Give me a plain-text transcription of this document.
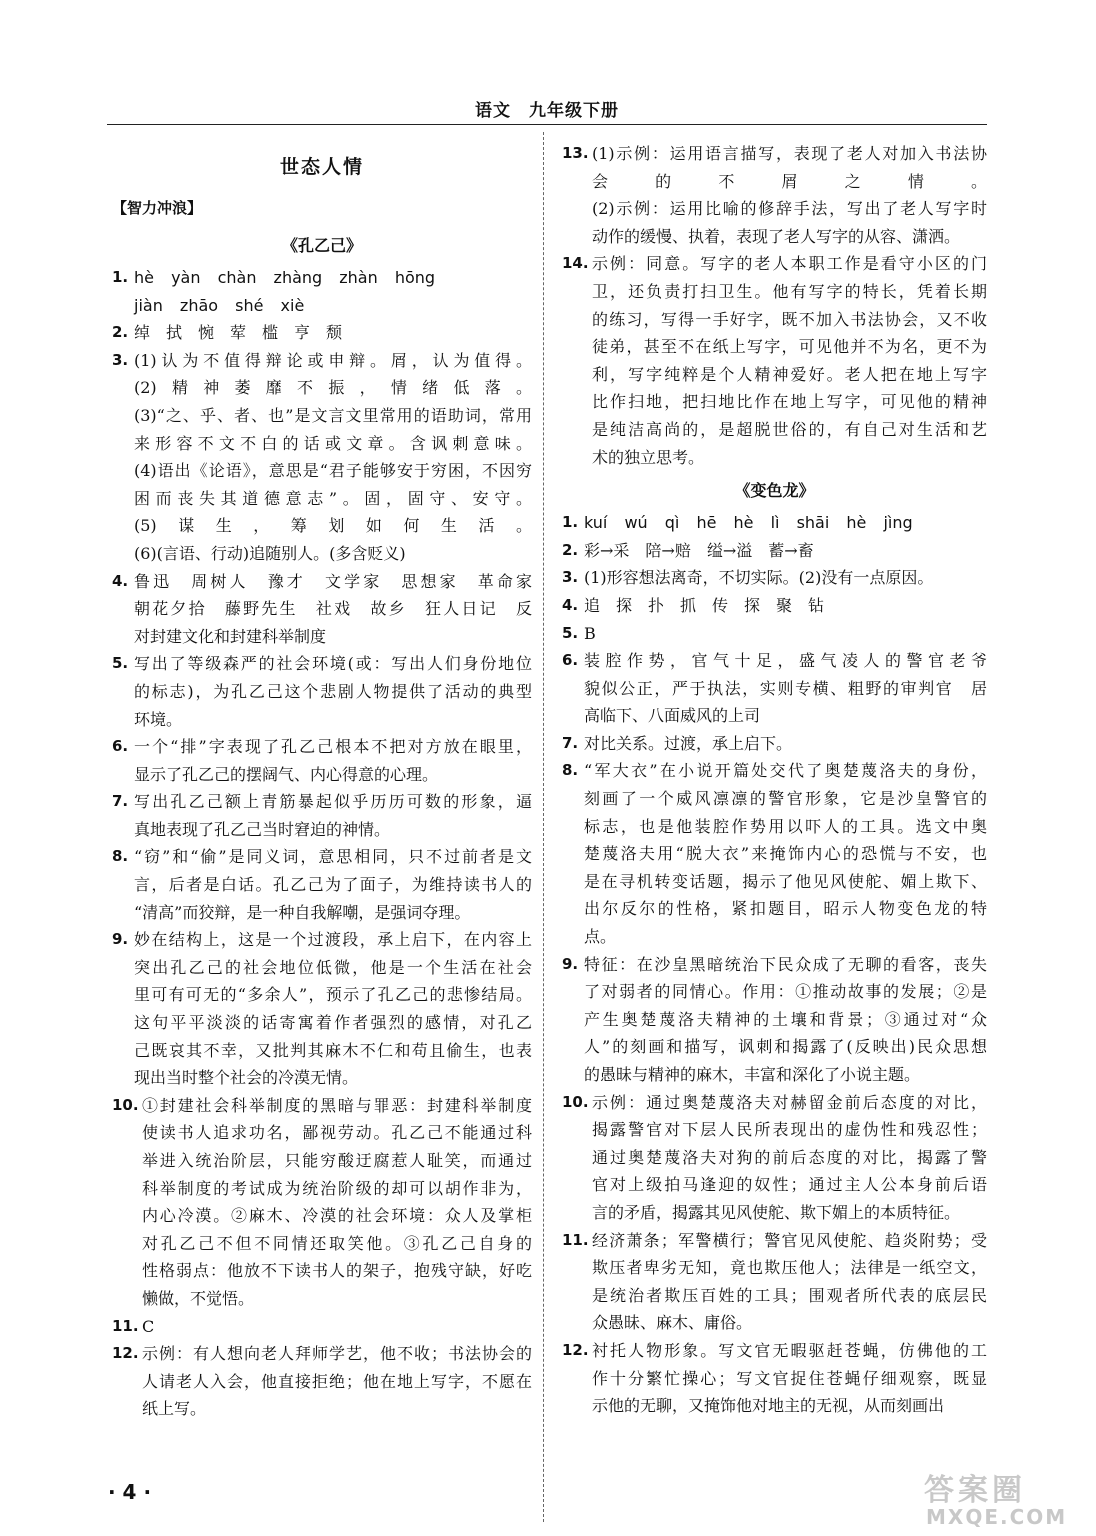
语文　九年级下册
世态人情
【智力冲浪】
《孔乙己》
1. hè yàn chàn zhàng zhàn hōng
jiàn zhāo shé xiè
2. 绰　拭　惋　荤　槛　亨　颓
3. (1)认为不值得辩论或申辩。屑，认为值得。
(2)精神萎靡不振，情绪低落。
(3)“之、乎、者、也”是文言文里常用的语助词，常用
来形容不文不白的话或文章。含讽刺意味。
(4)语出《论语》，意思是“君子能够安于穷困，不因穷
困而丧失其道德意志”。固，固守、安守。
(5)谋生，筹划如何生活。
(6)(言语、行动)追随别人。(多含贬义)
4. 鲁迅　周树人　豫才　文学家　思想家　革命家
朝花夕拾　藤野先生　社戏　故乡　狂人日记　反
对封建文化和封建科举制度
5. 写出了等级森严的社会环境(或：写出人们身份地位
的标志)，为孔乙己这个悲剧人物提供了活动的典型
环境。
6. 一个“排”字表现了孔乙己根本不把对方放在眼里，
显示了孔乙己的摆阔气、内心得意的心理。
7. 写出孔乙己额上青筋暴起似乎历历可数的形象，逼
真地表现了孔乙己当时窘迫的神情。
8. “窃”和“偷”是同义词，意思相同，只不过前者是文
言，后者是白话。孔乙己为了面子，为维持读书人的
“清高”而狡辩，是一种自我解嘲，是强词夺理。
9. 妙在结构上，这是一个过渡段，承上启下，在内容上
突出孔乙己的社会地位低微，他是一个生活在社会
里可有可无的“多余人”，预示了孔乙己的悲惨结局。
这句平平淡淡的话寄寓着作者强烈的感情，对孔乙
己既哀其不幸，又批判其麻木不仁和苟且偷生，也表
现出当时整个社会的冷漠无情。
10. ①封建社会科举制度的黑暗与罪恶：封建科举制度
使读书人追求功名，鄙视劳动。孔乙己不能通过科
举进入统治阶层，只能穷酸迂腐惹人耻笑，而通过
科举制度的考试成为统治阶级的却可以胡作非为，
内心冷漠。②麻木、冷漠的社会环境：众人及掌柜
对孔乙己不但不同情还取笑他。③孔乙己自身的
性格弱点：他放不下读书人的架子，抱残守缺，好吃
懒做，不觉悟。
11. C
12. 示例：有人想向老人拜师学艺，他不收；书法协会的
人请老人入会，他直接拒绝；他在地上写字，不愿在
纸上写。
13. (1)示例：运用语言描写，表现了老人对加入书法协
会的不屑之情。
(2)示例：运用比喻的修辞手法，写出了老人写字时
动作的缓慢、执着，表现了老人写字的从容、潇洒。
14. 示例：同意。写字的老人本职工作是看守小区的门
卫，还负责打扫卫生。他有写字的特长，凭着长期
的练习，写得一手好字，既不加入书法协会，又不收
徒弟，甚至不在纸上写字，可见他并不为名，更不为
利，写字纯粹是个人精神爱好。老人把在地上写字
比作扫地，把扫地比作在地上写字，可见他的精神
是纯洁高尚的，是超脱世俗的，有自己对生活和艺
术的独立思考。
《变色龙》
1. kuí wú qì hē hè lì shāi hè jìng
2. 彩→采　陪→赔　缢→溢　蓄→畜
3. (1)形容想法离奇，不切实际。(2)没有一点原因。
4. 追　探　扑　抓　传　探　聚　钻
5. B
6. 装腔作势，官气十足，盛气凌人的警官老爷
貌似公正，严于执法，实则专横、粗野的审判官　居
高临下、八面威风的上司
7. 对比关系。过渡，承上启下。
8. “军大衣”在小说开篇处交代了奥楚蔑洛夫的身份，
刻画了一个威风凛凛的警官形象，它是沙皇警官的
标志，也是他装腔作势用以吓人的工具。选文中奥
楚蔑洛夫用“脱大衣”来掩饰内心的恐慌与不安，也
是在寻机转变话题，揭示了他见风使舵、媚上欺下、
出尔反尔的性格，紧扣题目，昭示人物变色龙的特
点。
9. 特征：在沙皇黑暗统治下民众成了无聊的看客，丧失
了对弱者的同情心。作用：①推动故事的发展；②是
产生奥楚蔑洛夫精神的土壤和背景；③通过对“众
人”的刻画和描写，讽刺和揭露了(反映出)民众思想
的愚昧与精神的麻木，丰富和深化了小说主题。
10. 示例：通过奥楚蔑洛夫对赫留金前后态度的对比，
揭露警官对下层人民所表现出的虚伪性和残忍性；
通过奥楚蔑洛夫对狗的前后态度的对比，揭露了警
官对上级拍马逢迎的奴性；通过主人公本身前后语
言的矛盾，揭露其见风使舵、欺下媚上的本质特征。
11. 经济萧条；军警横行；警官见风使舵、趋炎附势；受
欺压者卑劣无知，竟也欺压他人；法律是一纸空文，
是统治者欺压百姓的工具；围观者所代表的底层民
众愚昧、麻木、庸俗。
12. 衬托人物形象。写文官无暇驱赶苍蝇，仿佛他的工
作十分繁忙操心；写文官捉住苍蝇仔细观察，既显
示他的无聊，又掩饰他对地主的无视，从而刻画出
· 4 ·	答案圈
MXQE.COM
